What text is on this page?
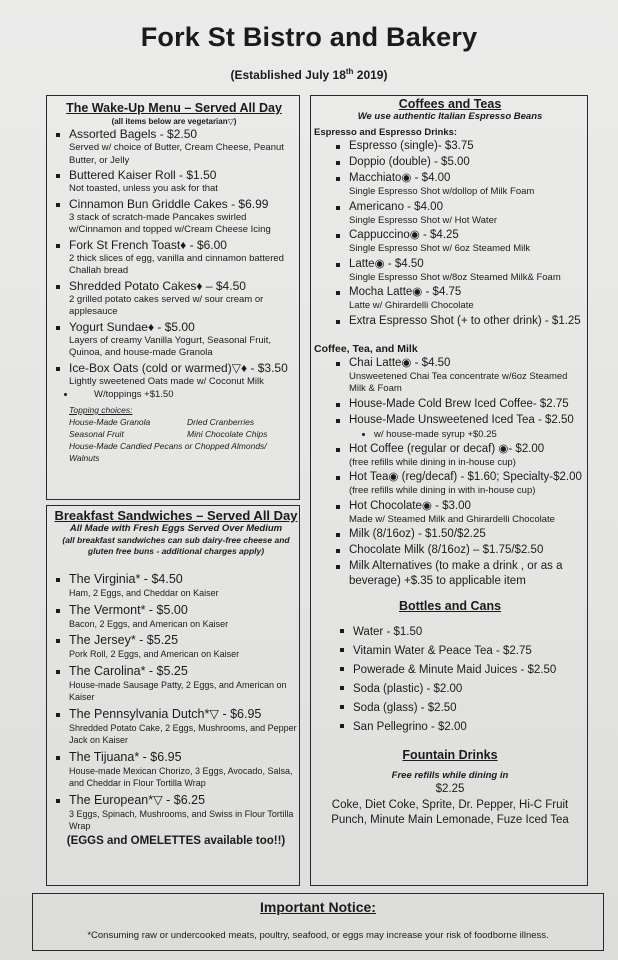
Fork St Bistro and Bakery
(Established July 18th 2019)
Important Notice:
*Consuming raw or undercooked meats, poultry, seafood, or eggs may increase your risk of foodborne illness.
The Wake-Up Menu – Served All Day
(all items below are vegetarian▽)
Assorted Bagels - $2.50
Served w/ choice of Butter, Cream Cheese, Peanut Butter, or Jelly
Buttered Kaiser Roll - $1.50
Not toasted, unless you ask for that
Cinnamon Bun Griddle Cakes - $6.99
3 stack of scratch-made Pancakes swirled w/Cinnamon and topped w/Cream Cheese Icing
Fork St French Toast♦ - $6.00
2 thick slices of egg, vanilla and cinnamon battered Challah bread
Shredded Potato Cakes♦ – $4.50
2 grilled potato cakes served w/ sour cream or applesauce
Yogurt Sundae♦ - $5.00
Layers of creamy Vanilla Yogurt, Seasonal Fruit, Quinoa, and house-made Granola
Ice-Box Oats (cold or warmed)▽♦ - $3.50
Lightly sweetened Oats made w/ Coconut Milk
W/toppings +$1.50
Topping choices:
House-Made Granola	Dried Cranberries
Seasonal Fruit	Mini Chocolate Chips
House-Made Candied Pecans or Chopped Almonds/ Walnuts
Breakfast Sandwiches – Served All Day
All Made with Fresh Eggs Served Over Medium
(all breakfast sandwiches can sub dairy-free cheese and gluten free buns - additional charges apply)
The Virginia* - $4.50
Ham, 2 Eggs, and Cheddar on Kaiser
The Vermont* - $5.00
Bacon, 2 Eggs, and American on Kaiser
The Jersey* - $5.25
Pork Roll, 2 Eggs, and American on Kaiser
The Carolina* - $5.25
House-made Sausage Patty, 2 Eggs, and American on Kaiser
The Pennsylvania Dutch*▽ - $6.95
Shredded Potato Cake, 2 Eggs, Mushrooms, and Pepper Jack on Kaiser
The Tijuana* - $6.95
House-made Mexican Chorizo, 3 Eggs, Avocado, Salsa, and Cheddar in Flour Tortilla Wrap
The European*▽ - $6.25
3 Eggs, Spinach, Mushrooms, and Swiss in Flour Tortilla Wrap
(EGGS and OMELETTES available too!!)
Coffees and Teas
We use authentic Italian Espresso Beans
Espresso and Espresso Drinks:
Espresso (single)- $3.75
Doppio (double) - $5.00
Macchiato◉ - $4.00
Single Espresso Shot w/dollop of Milk Foam
Americano - $4.00
Single Espresso Shot w/ Hot Water
Cappuccino◉ - $4.25
Single Espresso Shot w/ 6oz Steamed Milk
Latte◉ - $4.50
Single Espresso Shot w/8oz Steamed Milk& Foam
Mocha Latte◉ - $4.75
Latte w/ Ghirardelli Chocolate
Extra Espresso Shot (+ to other drink) - $1.25
Coffee, Tea, and Milk
Chai Latte◉ - $4.50
Unsweetened Chai Tea concentrate w/6oz Steamed Milk & Foam
House-Made Cold Brew Iced Coffee- $2.75
House-Made Unsweetened Iced Tea - $2.50
w/ house-made syrup +$0.25
Hot Coffee (regular or decaf) ◉- $2.00
(free refills while dining in in-house cup)
Hot Tea◉ (reg/decaf) - $1.60; Specialty-$2.00
(free refills while dining in with in-house cup)
Hot Chocolate◉ - $3.00
Made w/ Steamed Milk and Ghirardelli Chocolate
Milk (8/16oz) - $1.50/$2.25
Chocolate Milk (8/16oz) – $1.75/$2.50
Milk Alternatives (to make a drink , or as a beverage) +$.35 to applicable item
Bottles and Cans
Water - $1.50
Vitamin Water & Peace Tea - $2.75
Powerade & Minute Maid Juices - $2.50
Soda (plastic) - $2.00
Soda (glass) - $2.50
San Pellegrino - $2.00
Fountain Drinks
Free refills while dining in
$2.25
Coke, Diet Coke, Sprite, Dr. Pepper, Hi-C Fruit Punch, Minute Main Lemonade, Fuze Iced Tea
